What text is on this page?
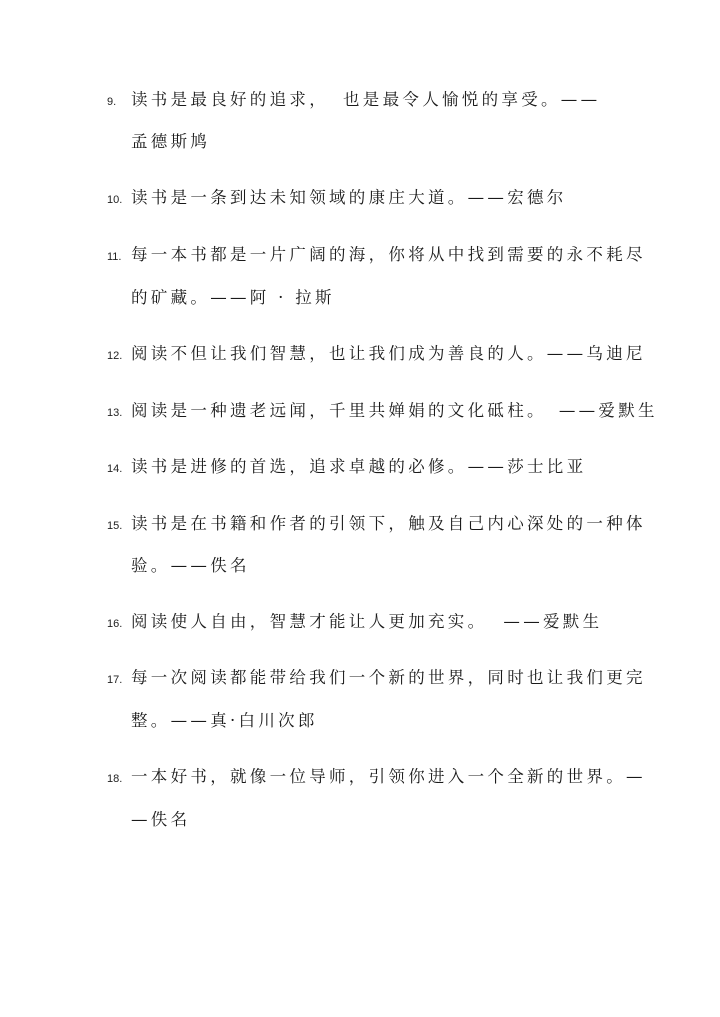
9. 读书是最良好的追求， 也是最令人愉悦的享受。——
孟德斯鸠
10. 读书是一条到达未知领域的康庄大道。——宏德尔
11. 每一本书都是一片广阔的海，你将从中找到需要的永不耗尽
的矿藏。——阿 · 拉斯
12. 阅读不但让我们智慧，也让我们成为善良的人。——乌迪尼
13. 阅读是一种遗老远闻，千里共婵娟的文化砥柱。 ——爱默生
14. 读书是进修的首选，追求卓越的必修。——莎士比亚
15. 读书是在书籍和作者的引领下，触及自己内心深处的一种体
验。——佚名
16. 阅读使人自由，智慧才能让人更加充实。 ——爱默生
17. 每一次阅读都能带给我们一个新的世界，同时也让我们更完
整。——真·白川次郎
18. 一本好书，就像一位导师，引领你进入一个全新的世界。—
—佚名
